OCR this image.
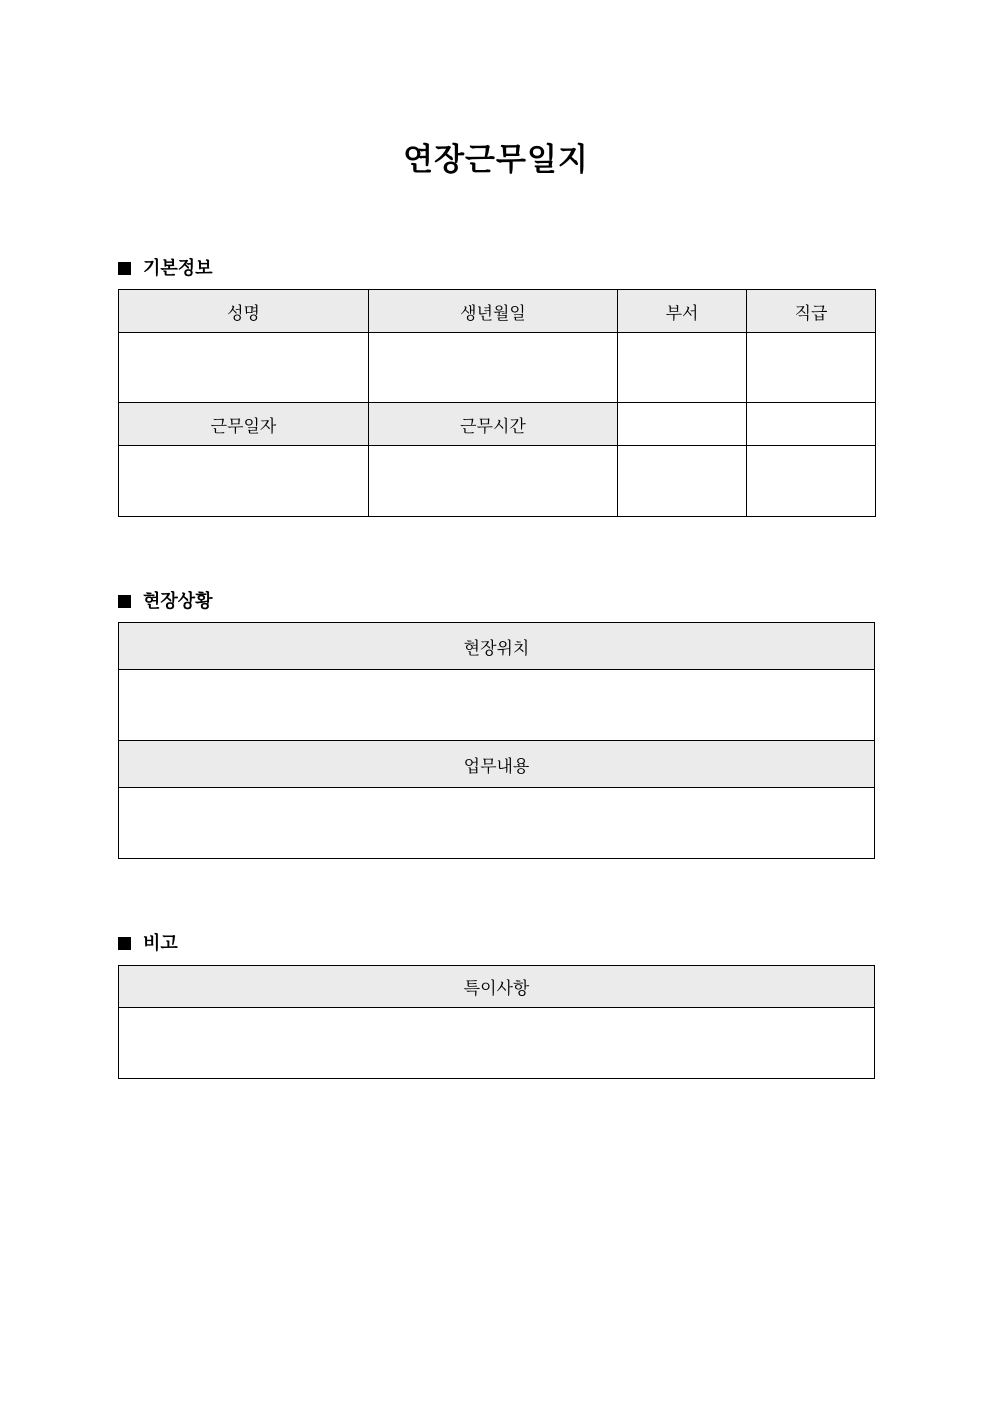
연장근무일지
기본정보
성명	생년월일	부서	직급

근무일자	근무시간		

현장상황
현장위치

업무내용

비고
특이사항
